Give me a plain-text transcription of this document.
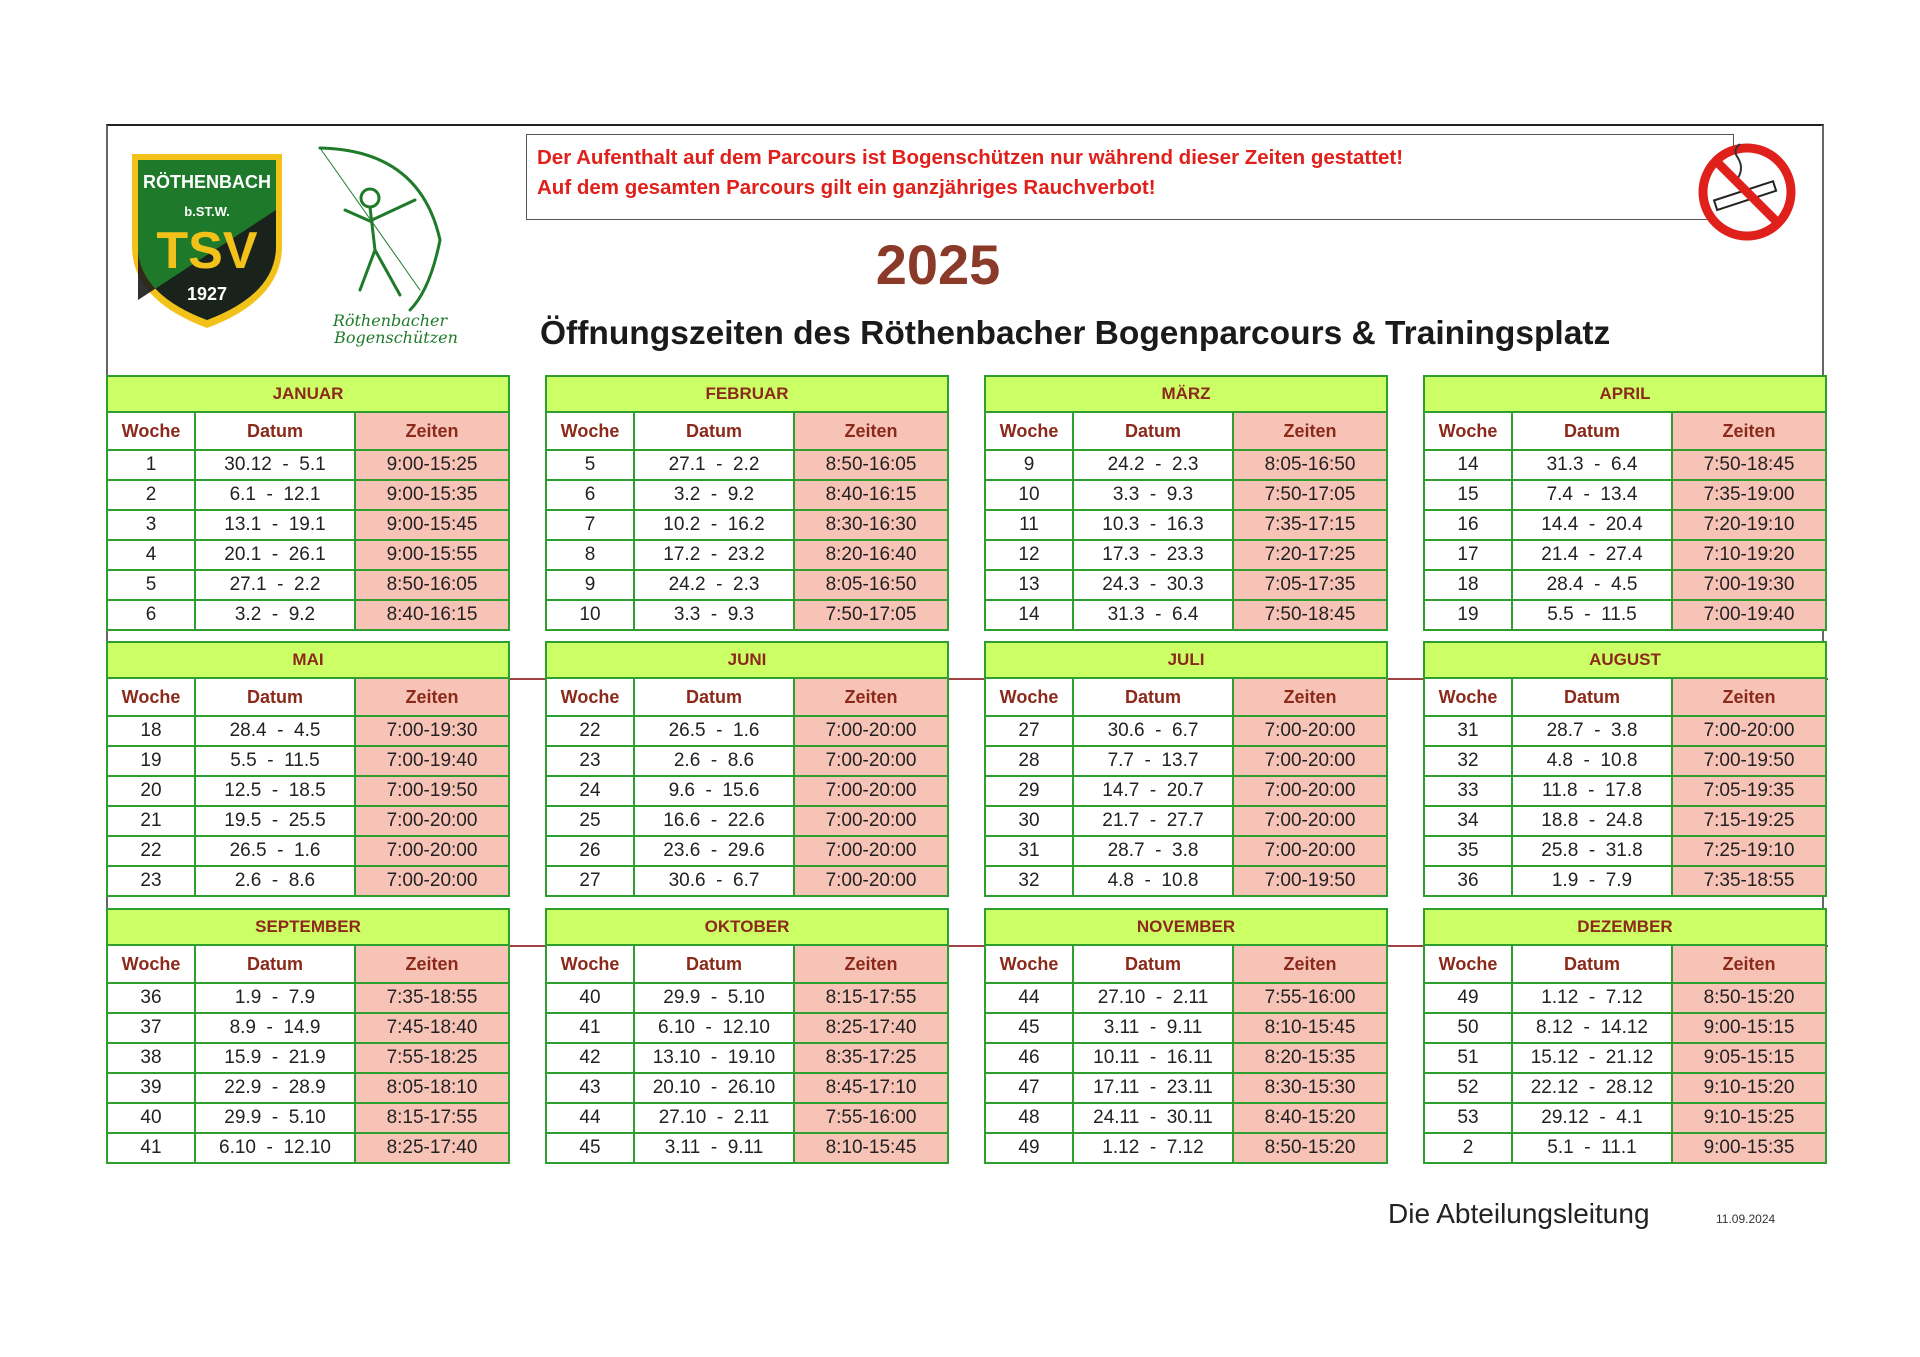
RÖTHENBACH
b.ST.W.
TSV
1927
Röthenbacher
Bogenschützen
Der Aufenthalt auf dem Parcours ist Bogenschützen nur während dieser Zeiten gestattet!
Auf dem gesamten Parcours gilt ein ganzjähriges Rauchverbot!
2025
Öffnungszeiten des Röthenbacher Bogenparcours & Trainingsplatz
JANUAR		
Woche	Datum	Zeiten
1	30.12  -  5.1	9:00-15:25
2	6.1  -  12.1	9:00-15:35
3	13.1  -  19.1	9:00-15:45
4	20.1  -  26.1	9:00-15:55
5	27.1  -  2.2	8:50-16:05
6	3.2  -  9.2	8:40-16:15
FEBRUAR		
Woche	Datum	Zeiten
5	27.1  -  2.2	8:50-16:05
6	3.2  -  9.2	8:40-16:15
7	10.2  -  16.2	8:30-16:30
8	17.2  -  23.2	8:20-16:40
9	24.2  -  2.3	8:05-16:50
10	3.3  -  9.3	7:50-17:05
MÄRZ		
Woche	Datum	Zeiten
9	24.2  -  2.3	8:05-16:50
10	3.3  -  9.3	7:50-17:05
11	10.3  -  16.3	7:35-17:15
12	17.3  -  23.3	7:20-17:25
13	24.3  -  30.3	7:05-17:35
14	31.3  -  6.4	7:50-18:45
APRIL		
Woche	Datum	Zeiten
14	31.3  -  6.4	7:50-18:45
15	7.4  -  13.4	7:35-19:00
16	14.4  -  20.4	7:20-19:10
17	21.4  -  27.4	7:10-19:20
18	28.4  -  4.5	7:00-19:30
19	5.5  -  11.5	7:00-19:40
MAI		
Woche	Datum	Zeiten
18	28.4  -  4.5	7:00-19:30
19	5.5  -  11.5	7:00-19:40
20	12.5  -  18.5	7:00-19:50
21	19.5  -  25.5	7:00-20:00
22	26.5  -  1.6	7:00-20:00
23	2.6  -  8.6	7:00-20:00
JUNI		
Woche	Datum	Zeiten
22	26.5  -  1.6	7:00-20:00
23	2.6  -  8.6	7:00-20:00
24	9.6  -  15.6	7:00-20:00
25	16.6  -  22.6	7:00-20:00
26	23.6  -  29.6	7:00-20:00
27	30.6  -  6.7	7:00-20:00
JULI		
Woche	Datum	Zeiten
27	30.6  -  6.7	7:00-20:00
28	7.7  -  13.7	7:00-20:00
29	14.7  -  20.7	7:00-20:00
30	21.7  -  27.7	7:00-20:00
31	28.7  -  3.8	7:00-20:00
32	4.8  -  10.8	7:00-19:50
AUGUST		
Woche	Datum	Zeiten
31	28.7  -  3.8	7:00-20:00
32	4.8  -  10.8	7:00-19:50
33	11.8  -  17.8	7:05-19:35
34	18.8  -  24.8	7:15-19:25
35	25.8  -  31.8	7:25-19:10
36	1.9  -  7.9	7:35-18:55
SEPTEMBER		
Woche	Datum	Zeiten
36	1.9  -  7.9	7:35-18:55
37	8.9  -  14.9	7:45-18:40
38	15.9  -  21.9	7:55-18:25
39	22.9  -  28.9	8:05-18:10
40	29.9  -  5.10	8:15-17:55
41	6.10  -  12.10	8:25-17:40
OKTOBER		
Woche	Datum	Zeiten
40	29.9  -  5.10	8:15-17:55
41	6.10  -  12.10	8:25-17:40
42	13.10  -  19.10	8:35-17:25
43	20.10  -  26.10	8:45-17:10
44	27.10  -  2.11	7:55-16:00
45	3.11  -  9.11	8:10-15:45
NOVEMBER		
Woche	Datum	Zeiten
44	27.10  -  2.11	7:55-16:00
45	3.11  -  9.11	8:10-15:45
46	10.11  -  16.11	8:20-15:35
47	17.11  -  23.11	8:30-15:30
48	24.11  -  30.11	8:40-15:20
49	1.12  -  7.12	8:50-15:20
DEZEMBER		
Woche	Datum	Zeiten
49	1.12  -  7.12	8:50-15:20
50	8.12  -  14.12	9:00-15:15
51	15.12  -  21.12	9:05-15:15
52	22.12  -  28.12	9:10-15:20
53	29.12  -  4.1	9:10-15:25
2	5.1  -  11.1	9:00-15:35
Die Abteilungsleitung	11.09.2024
